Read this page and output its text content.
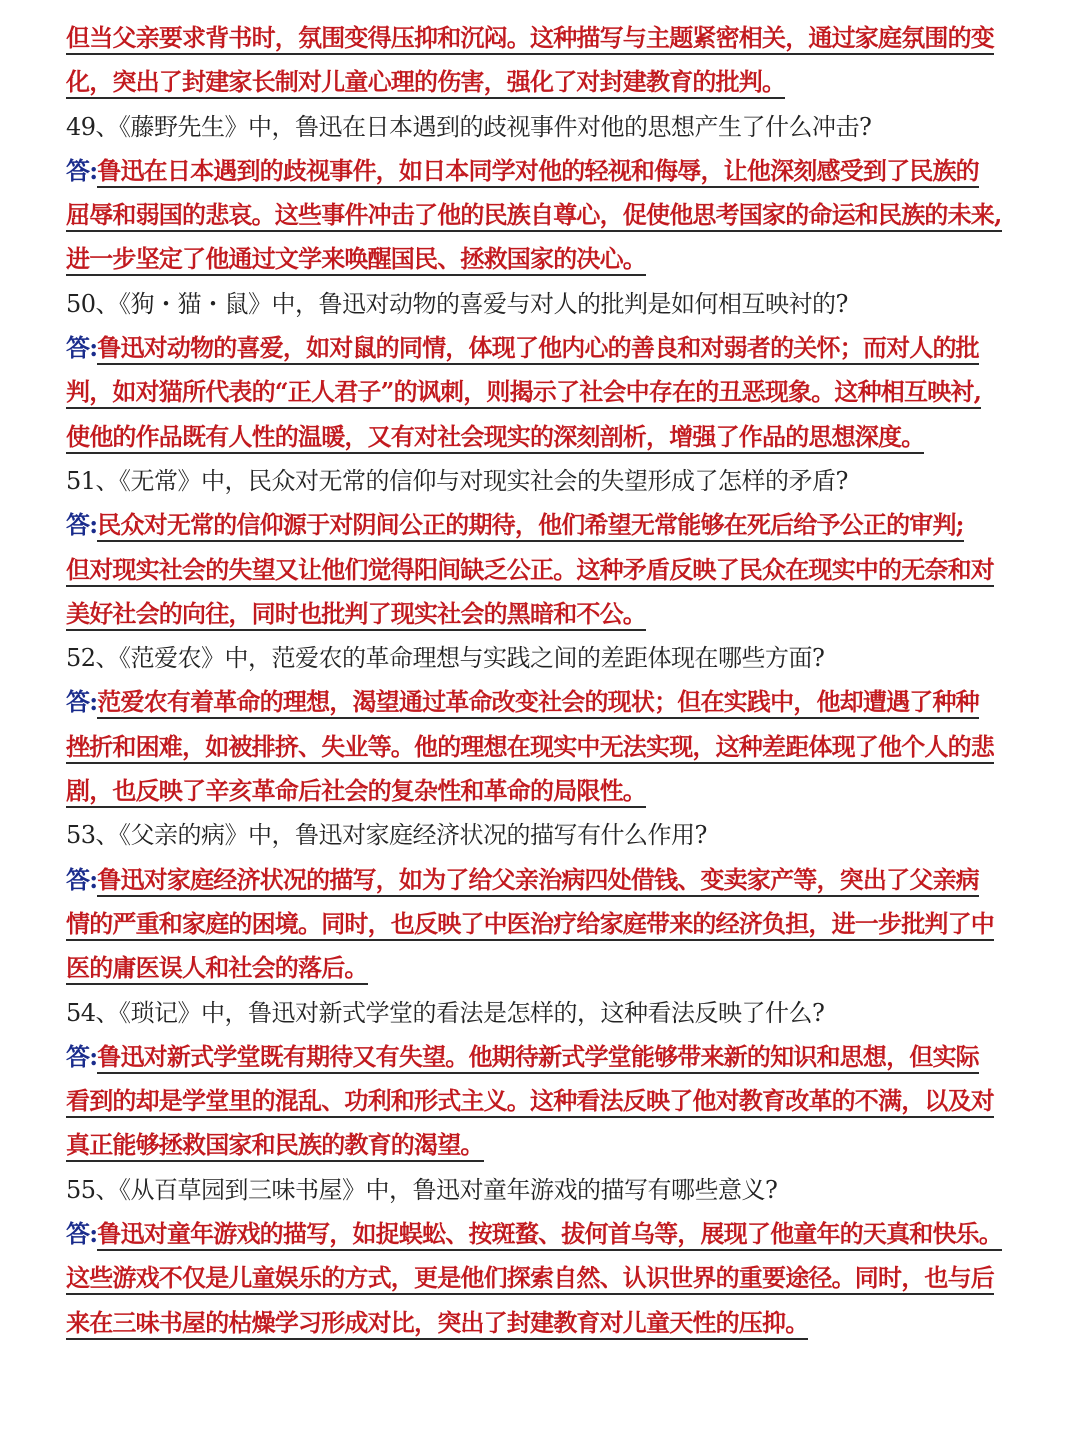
但当父亲要求背书时，氛围变得压抑和沉闷。这种描写与主题紧密相关，通过家庭氛围的变
化，突出了封建家长制对儿童心理的伤害，强化了对封建教育的批判。
49、《藤野先生》中，鲁迅在日本遇到的歧视事件对他的思想产生了什么冲击?
答:鲁迅在日本遇到的歧视事件，如日本同学对他的轻视和侮辱，让他深刻感受到了民族的
屈辱和弱国的悲哀。这些事件冲击了他的民族自尊心，促使他思考国家的命运和民族的未来,
进一步坚定了他通过文学来唤醒国民、拯救国家的决心。
50、《狗・猫・鼠》中，鲁迅对动物的喜爱与对人的批判是如何相互映衬的?
答:鲁迅对动物的喜爱，如对鼠的同情，体现了他内心的善良和对弱者的关怀；而对人的批
判，如对猫所代表的“正人君子”的讽刺，则揭示了社会中存在的丑恶现象。这种相互映衬,
使他的作品既有人性的温暖，又有对社会现实的深刻剖析，增强了作品的思想深度。
51、《无常》中，民众对无常的信仰与对现实社会的失望形成了怎样的矛盾?
答:民众对无常的信仰源于对阴间公正的期待，他们希望无常能够在死后给予公正的审判;
但对现实社会的失望又让他们觉得阳间缺乏公正。这种矛盾反映了民众在现实中的无奈和对
美好社会的向往，同时也批判了现实社会的黑暗和不公。
52、《范爱农》中，范爱农的革命理想与实践之间的差距体现在哪些方面?
答:范爱农有着革命的理想，渴望通过革命改变社会的现状；但在实践中，他却遭遇了种种
挫折和困难，如被排挤、失业等。他的理想在现实中无法实现，这种差距体现了他个人的悲
剧，也反映了辛亥革命后社会的复杂性和革命的局限性。
53、《父亲的病》中，鲁迅对家庭经济状况的描写有什么作用?
答:鲁迅对家庭经济状况的描写，如为了给父亲治病四处借钱、变卖家产等，突出了父亲病
情的严重和家庭的困境。同时，也反映了中医治疗给家庭带来的经济负担，进一步批判了中
医的庸医误人和社会的落后。
54、《琐记》中，鲁迅对新式学堂的看法是怎样的，这种看法反映了什么?
答:鲁迅对新式学堂既有期待又有失望。他期待新式学堂能够带来新的知识和思想，但实际
看到的却是学堂里的混乱、功利和形式主义。这种看法反映了他对教育改革的不满，以及对
真正能够拯救国家和民族的教育的渴望。
55、《从百草园到三味书屋》中，鲁迅对童年游戏的描写有哪些意义?
答:鲁迅对童年游戏的描写，如捉蜈蚣、按斑蝥、拔何首乌等，展现了他童年的天真和快乐。
这些游戏不仅是儿童娱乐的方式，更是他们探索自然、认识世界的重要途径。同时，也与后
来在三味书屋的枯燥学习形成对比，突出了封建教育对儿童天性的压抑。
